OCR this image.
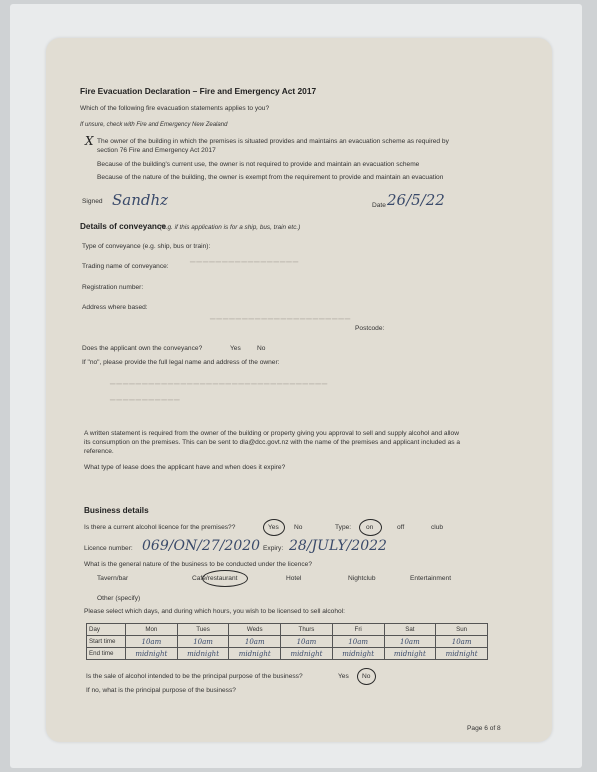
Fire Evacuation Declaration – Fire and Emergency Act 2017
Which of the following fire evacuation statements applies to you?
If unsure, check with Fire and Emergency New Zealand
X The owner of the building in which the premises is situated provides and maintains an evacuation scheme as required by
section 76 Fire and Emergency Act 2017
Because of the building's current use, the owner is not required to provide and maintain an evacuation scheme
Because of the nature of the building, the owner is exempt from the requirement to provide and maintain an evacuation
Signed Sandhz	Date 26/5/22
Details of conveyance
(e.g. if this application is for a ship, bus, train etc.)
Type of conveyance (e.g. ship, bus or train):
Trading name of conveyance: ━━━━━━━━━━━━━━━━━
Registration number:
Address where based:
━━━━━━━━━━━━━━━━━━━━━━
Postcode:
Does the applicant own the conveyance?	Yes No
If "no", please provide the full legal name and address of the owner:
━━━━━━━━━━━━━━━━━━━━━━━━━━━━━━━━━━
━━━━━━━━━━━
A written statement is required from the owner of the building or property giving you approval to sell and supply alcohol and allow
its consumption on the premises. This can be sent to dla@dcc.govt.nz with the name of the premises and applicant included as a
reference.
What type of lease does the applicant have and when does it expire?
Business details
Is there a current alcohol licence for the premises??	Yes No	Type: on	off	club
Licence number: 069/ON/27/2020 Expiry: 28/JULY/2022
What is the general nature of the business to be conducted under the licence?
Tavern/bar	Café/restaurant	Hotel	Nightclub	Entertainment
Other (specify)
Please select which days, and during which hours, you wish to be licensed to sell alcohol:
Day	Mon	Tues	Weds	Thurs	Fri	Sat	Sun
Start time	10am	10am	10am	10am	10am	10am	10am
End time	midnight	midnight	midnight	midnight	midnight	midnight	midnight
Is the sale of alcohol intended to be the principal purpose of the business?	Yes No
If no, what is the principal purpose of the business?
Page 6 of 8
